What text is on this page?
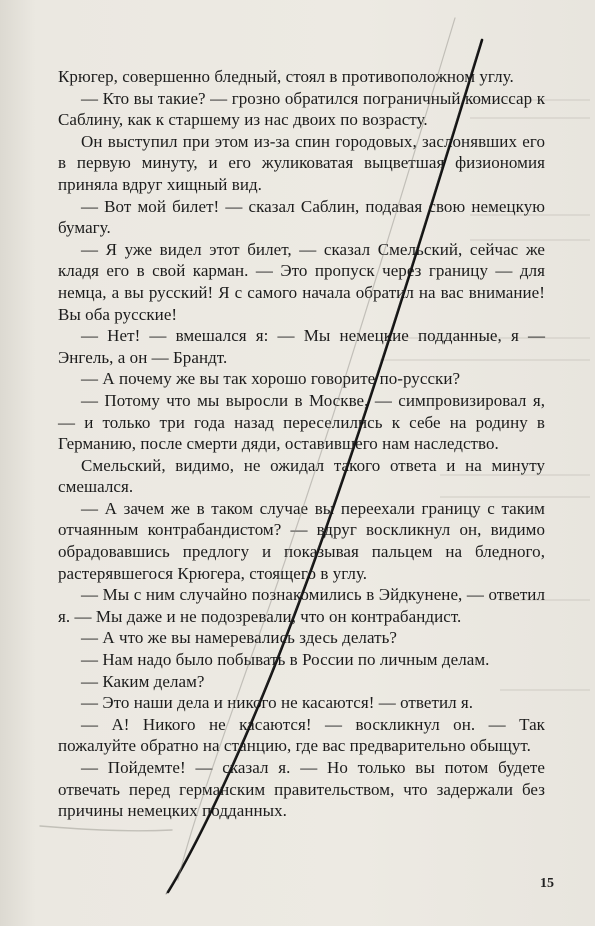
Крюгер, совершенно бледный, стоял в противоположном углу.

— Кто вы такие? — грозно обратился пограничный комиссар к Саблину, как к старшему из нас двоих по возрасту.

Он выступил при этом из-за спин городовых, заслонявших его в первую минуту, и его жуликоватая выцветшая физиономия приняла вдруг хищный вид.

— Вот мой билет! — сказал Саблин, подавая свою немецкую бумагу.

— Я уже видел этот билет, — сказал Смельский, сейчас же кладя его в свой карман. — Это пропуск через границу — для немца, а вы русский! Я с самого начала обратил на вас внимание! Вы оба русские!

— Нет! — вмешался я: — Мы немецкие подданные, я — Энгель, а он — Брандт.

— А почему же вы так хорошо говорите по-русски?

— Потому что мы выросли в Москве, — симпровизировал я, — и только три года назад переселились к себе на родину в Германию, после смерти дяди, оставившего нам наследство.

Смельский, видимо, не ожидал такого ответа и на минуту смешался.

— А зачем же в таком случае вы переехали границу с таким отчаянным контрабандистом? — вдруг воскликнул он, видимо обрадовавшись предлогу и показывая пальцем на бледного, растерявшегося Крюгера, стоящего в углу.

— Мы с ним случайно познакомились в Эйдкунене, — ответил я. — Мы даже и не подозревали, что он контрабандист.

— А что же вы намеревались здесь делать?

— Нам надо было побывать в России по личным делам.

— Каким делам?

— Это наши дела и никого не касаются! — ответил я.

— А! Никого не касаются! — воскликнул он. — Так пожалуйте обратно на станцию, где вас предварительно обыщут.

— Пойдемте! — сказал я. — Но только вы потом будете отвечать перед германским правительством, что задержали без причины немецких подданных.

15
